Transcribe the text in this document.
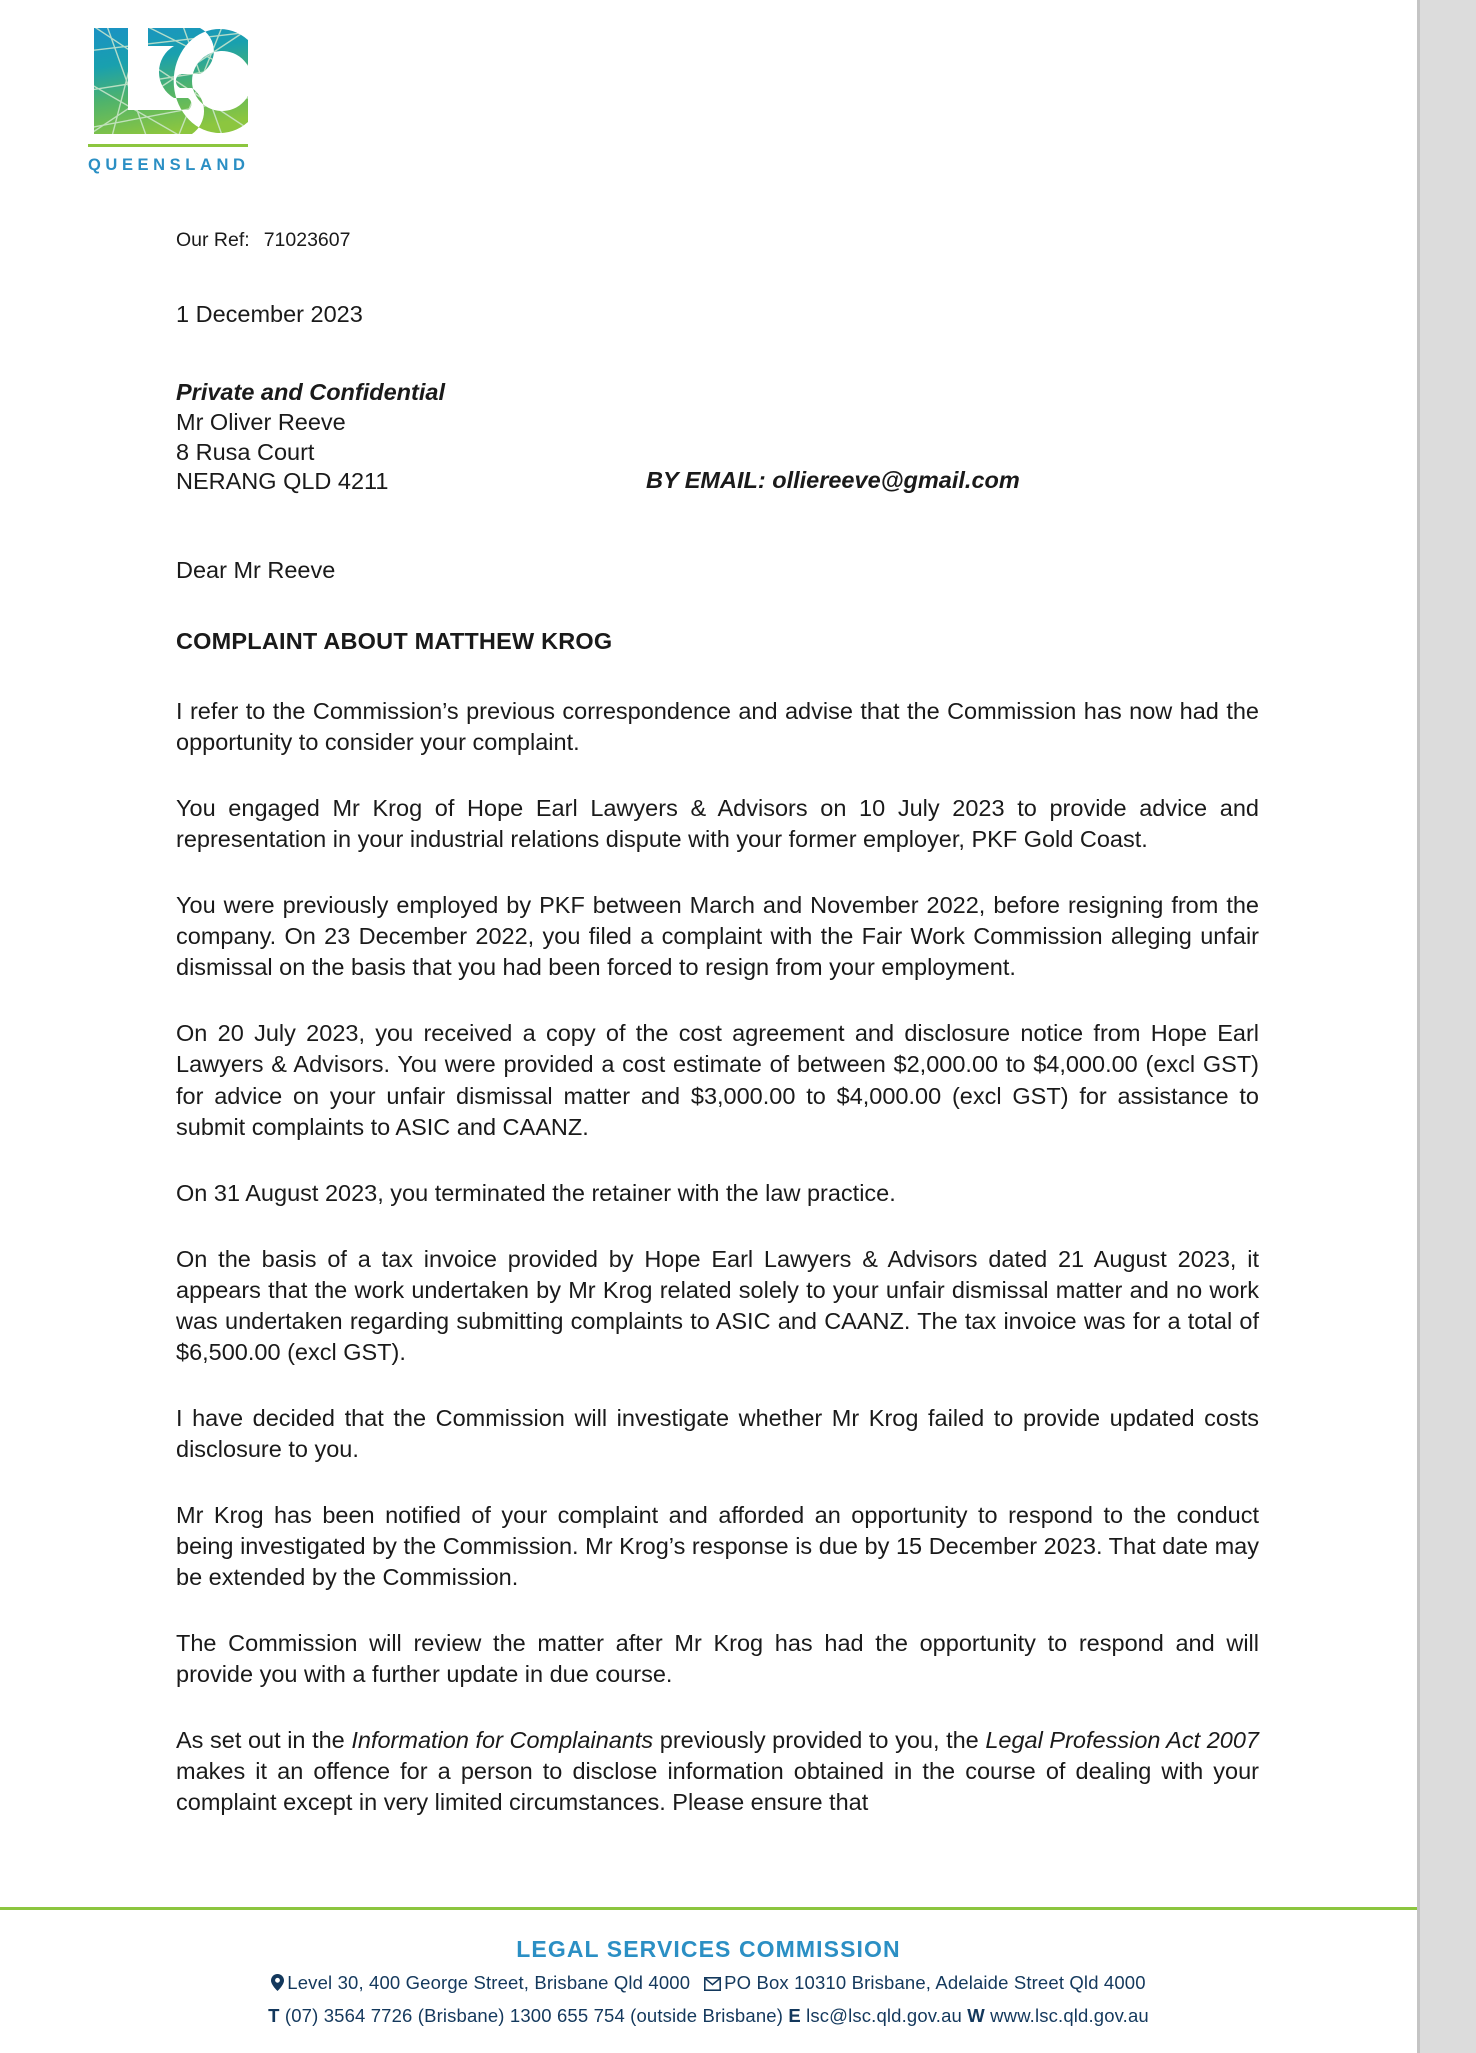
QUEENSLAND
Our Ref: 71023607
1 December 2023
Private and Confidential
Mr Oliver Reeve
8 Rusa Court
NERANG QLD 4211	BY EMAIL: olliereeve@gmail.com
Dear Mr Reeve
COMPLAINT ABOUT MATTHEW KROG

I refer to the Commission’s previous correspondence and advise that the Commission has now had the opportunity to consider your complaint.

You engaged Mr Krog of Hope Earl Lawyers & Advisors on 10 July 2023 to provide advice and representation in your industrial relations dispute with your former employer, PKF Gold Coast.

You were previously employed by PKF between March and November 2022, before resigning from the company. On 23 December 2022, you filed a complaint with the Fair Work Commission alleging unfair dismissal on the basis that you had been forced to resign from your employment.

On 20 July 2023, you received a copy of the cost agreement and disclosure notice from Hope Earl Lawyers & Advisors. You were provided a cost estimate of between $2,000.00 to $4,000.00 (excl GST) for advice on your unfair dismissal matter and $3,000.00 to $4,000.00 (excl GST) for assistance to submit complaints to ASIC and CAANZ.

On 31 August 2023, you terminated the retainer with the law practice.

On the basis of a tax invoice provided by Hope Earl Lawyers & Advisors dated 21 August 2023, it appears that the work undertaken by Mr Krog related solely to your unfair dismissal matter and no work was undertaken regarding submitting complaints to ASIC and CAANZ. The tax invoice was for a total of $6,500.00 (excl GST).

I have decided that the Commission will investigate whether Mr Krog failed to provide updated costs disclosure to you.

Mr Krog has been notified of your complaint and afforded an opportunity to respond to the conduct being investigated by the Commission. Mr Krog’s response is due by 15 December 2023. That date may be extended by the Commission.

The Commission will review the matter after Mr Krog has had the opportunity to respond and will provide you with a further update in due course.

As set out in the Information for Complainants previously provided to you, the Legal Profession Act 2007 makes it an offence for a person to disclose information obtained in the course of dealing with your complaint except in very limited circumstances. Please ensure that

LEGAL SERVICES COMMISSION
Level 30, 400 George Street, Brisbane Qld 4000 PO Box 10310 Brisbane, Adelaide Street Qld 4000
T (07) 3564 7726 (Brisbane) 1300 655 754 (outside Brisbane) E lsc@lsc.qld.gov.au W www.lsc.qld.gov.au
